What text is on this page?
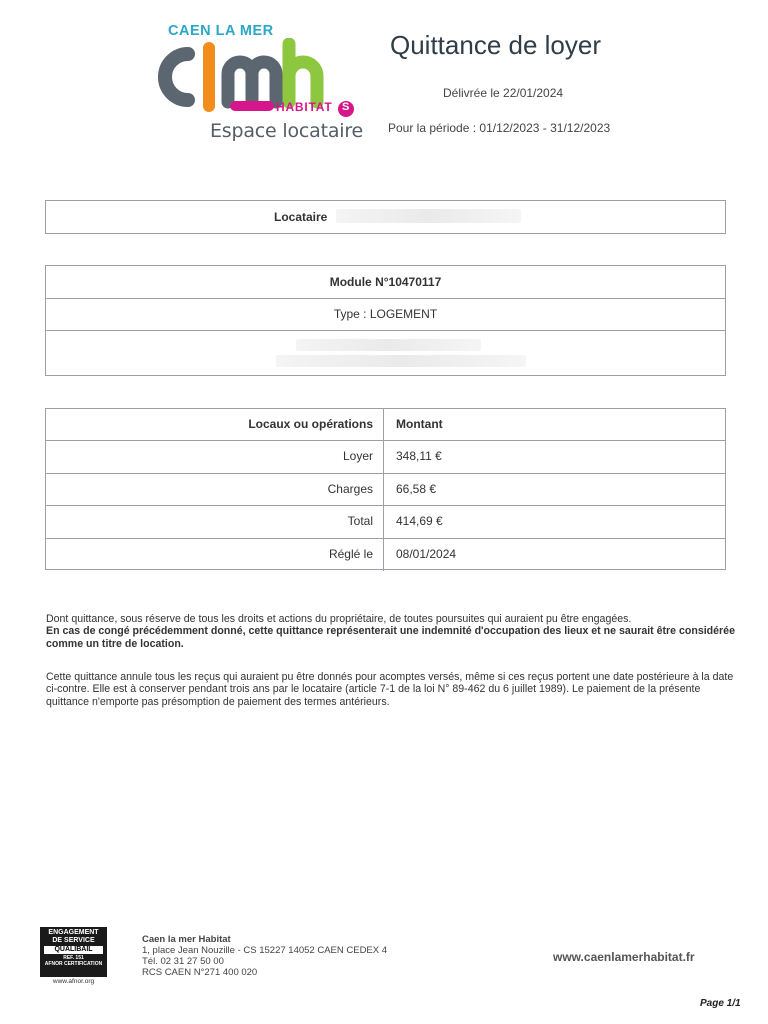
CAEN LA MER
HABITAT S
Espace locataire
Quittance de loyer
Délivrée le 22/01/2024
Pour la période : 01/12/2023 - 31/12/2023
Locataire
Module N°10470117
Type : LOGEMENT
Locaux ou opérations	Montant
Loyer	348,11 €
Charges	66,58 €
Total	414,69 €
Réglé le	08/01/2024
Dont quittance, sous réserve de tous les droits et actions du propriétaire, de toutes poursuites qui auraient pu être engagées.
En cas de congé précédemment donné, cette quittance représenterait une indemnité d'occupation des lieux et ne saurait être considérée comme un titre de location.
Cette quittance annule tous les reçus qui auraient pu être donnés pour acomptes versés, même si ces reçus portent une date postérieure à la date ci-contre. Elle est à conserver pendant trois ans par le locataire (article 7-1 de la loi N° 89-462 du 6 juillet 1989). Le paiement de la présente quittance n'emporte pas présomption de paiement des termes antérieurs.
ENGAGEMENT
DE SERVICE
QUALIBAIL
REF. 151
AFNOR CERTIFICATION
www.afnor.org
Caen la mer Habitat
1, place Jean Nouzille - CS 15227 14052 CAEN CEDEX 4
Tél. 02 31 27 50 00
RCS CAEN N°271 400 020
www.caenlamerhabitat.fr
Page 1/1
